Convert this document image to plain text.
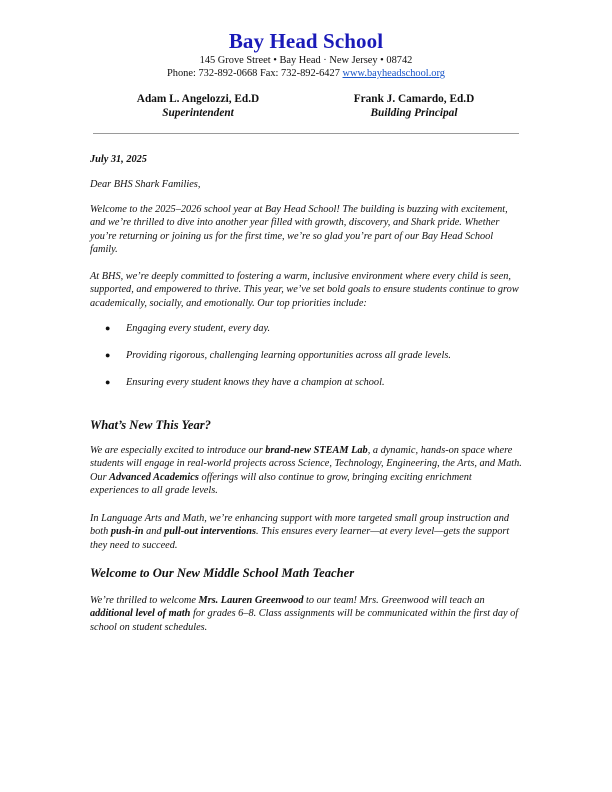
Bay Head School
145 Grove Street • Bay Head · New Jersey • 08742
Phone: 732-892-0668 Fax: 732-892-6427 www.bayheadschool.org
Adam L. Angelozzi, Ed.D
Superintendent
Frank J. Camardo, Ed.D
Building Principal
July 31, 2025
Dear BHS Shark Families,
Welcome to the 2025–2026 school year at Bay Head School! The building is buzzing with excitement, and we’re thrilled to dive into another year filled with growth, discovery, and Shark pride. Whether you’re returning or joining us for the first time, we’re so glad you’re part of our Bay Head School family.
At BHS, we’re deeply committed to fostering a warm, inclusive environment where every child is seen, supported, and empowered to thrive. This year, we’ve set bold goals to ensure students continue to grow academically, socially, and emotionally. Our top priorities include:
● Engaging every student, every day.
● Providing rigorous, challenging learning opportunities across all grade levels.
● Ensuring every student knows they have a champion at school.
What’s New This Year?
We are especially excited to introduce our brand-new STEAM Lab, a dynamic, hands-on space where students will engage in real-world projects across Science, Technology, Engineering, the Arts, and Math. Our Advanced Academics offerings will also continue to grow, bringing exciting enrichment experiences to all grade levels.
In Language Arts and Math, we’re enhancing support with more targeted small group instruction and both push-in and pull-out interventions. This ensures every learner—at every level—gets the support they need to succeed.
Welcome to Our New Middle School Math Teacher
We’re thrilled to welcome Mrs. Lauren Greenwood to our team! Mrs. Greenwood will teach an additional level of math for grades 6–8. Class assignments will be communicated within the first day of school on student schedules.
